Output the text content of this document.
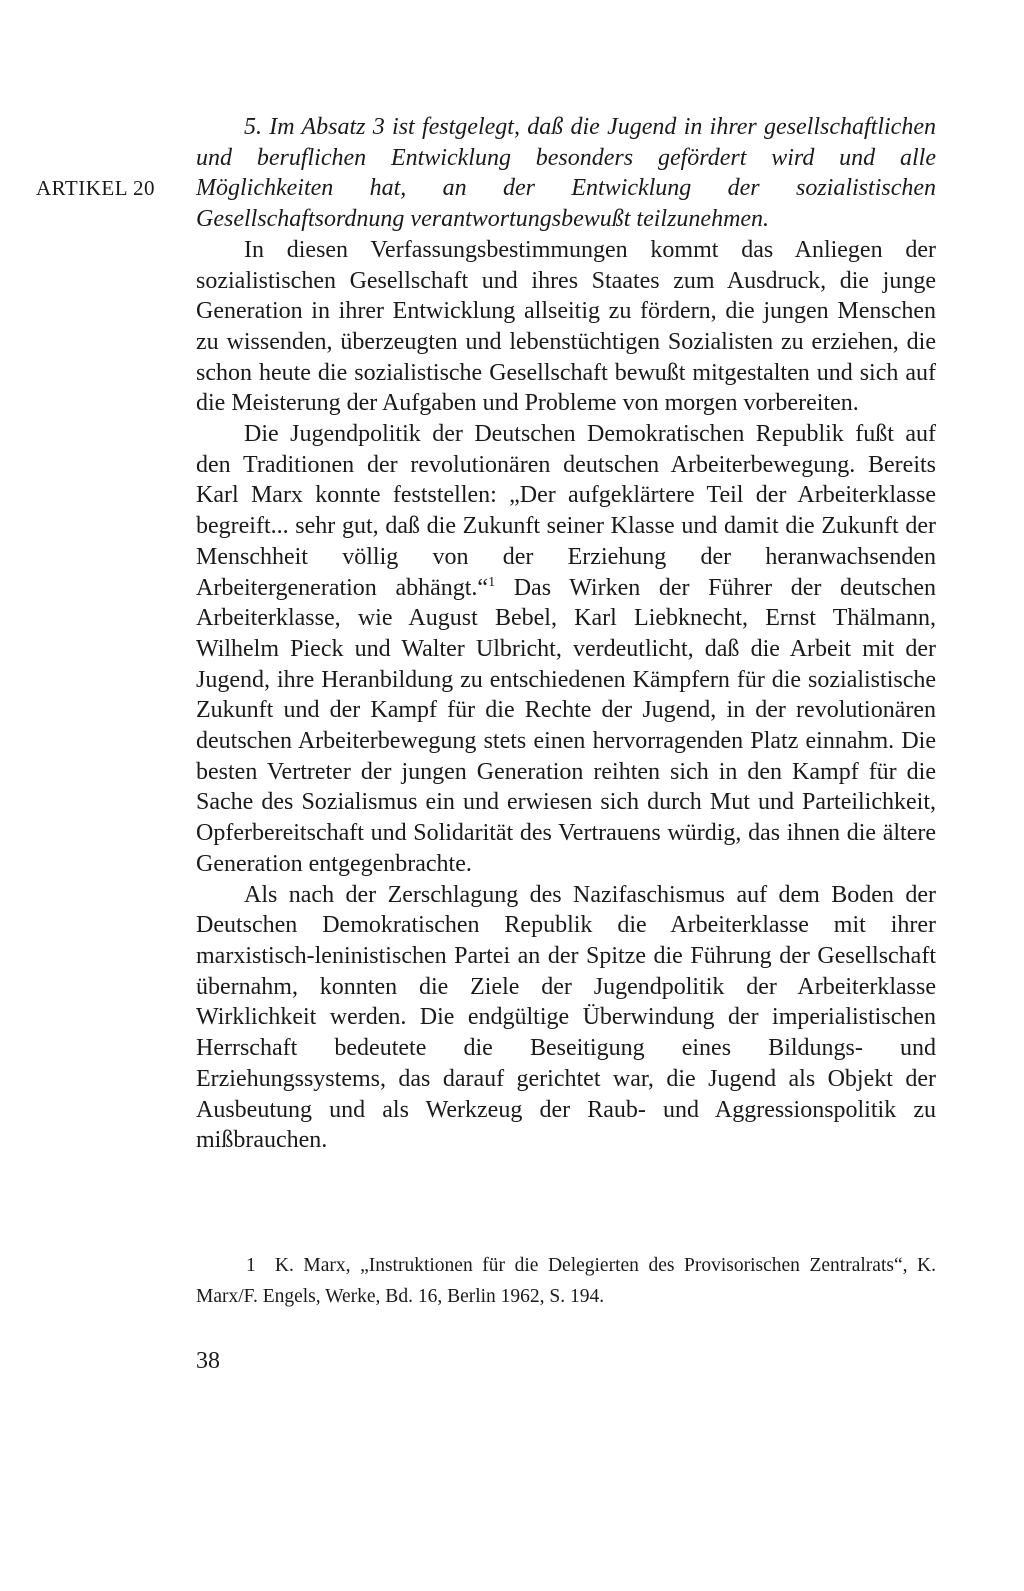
ARTIKEL 20

5. Im Absatz 3 ist festgelegt, daß die Jugend in ihrer gesellschaftlichen und beruflichen Entwicklung besonders gefördert wird und alle Möglichkeiten hat, an der Entwicklung der sozialistischen Gesellschaftsordnung verantwortungsbewußt teilzunehmen.

In diesen Verfassungsbestimmungen kommt das Anliegen der sozialistischen Gesellschaft und ihres Staates zum Ausdruck, die junge Generation in ihrer Entwicklung allseitig zu fördern, die jungen Menschen zu wissenden, überzeugten und lebenstüchtigen Sozialisten zu erziehen, die schon heute die sozialistische Gesellschaft bewußt mitgestalten und sich auf die Meisterung der Aufgaben und Probleme von morgen vorbereiten.

Die Jugendpolitik der Deutschen Demokratischen Republik fußt auf den Traditionen der revolutionären deutschen Arbeiterbewegung. Bereits Karl Marx konnte feststellen: „Der aufgeklärtere Teil der Arbeiterklasse begreift... sehr gut, daß die Zukunft seiner Klasse und damit die Zukunft der Menschheit völlig von der Erziehung der heranwachsenden Arbeitergeneration abhängt.“$^1$ Das Wirken der Führer der deutschen Arbeiterklasse, wie August Bebel, Karl Liebknecht, Ernst Thälmann, Wilhelm Pieck und Walter Ulbricht, verdeutlicht, daß die Arbeit mit der Jugend, ihre Heranbildung zu entschiedenen Kämpfern für die sozialistische Zukunft und der Kampf für die Rechte der Jugend, in der revolutionären deutschen Arbeiterbewegung stets einen hervorragenden Platz einnahm. Die besten Vertreter der jungen Generation reihten sich in den Kampf für die Sache des Sozialismus ein und erwiesen sich durch Mut und Parteilichkeit, Opferbereitschaft und Solidarität des Vertrauens würdig, das ihnen die ältere Generation entgegenbrachte.

Als nach der Zerschlagung des Nazifaschismus auf dem Boden der Deutschen Demokratischen Republik die Arbeiterklasse mit ihrer marxistisch-leninistischen Partei an der Spitze die Führung der Gesellschaft übernahm, konnten die Ziele der Jugendpolitik der Arbeiterklasse Wirklichkeit werden. Die endgültige Überwindung der imperialistischen Herrschaft bedeutete die Beseitigung eines Bildungs- und Erziehungssystems, das darauf gerichtet war, die Jugend als Objekt der Ausbeutung und als Werkzeug der Raub- und Aggressionspolitik zu mißbrauchen.

1 K. Marx, „Instruktionen für die Delegierten des Provisorischen Zentralrats“, K. Marx/F. Engels, Werke, Bd. 16, Berlin 1962, S. 194.
38
